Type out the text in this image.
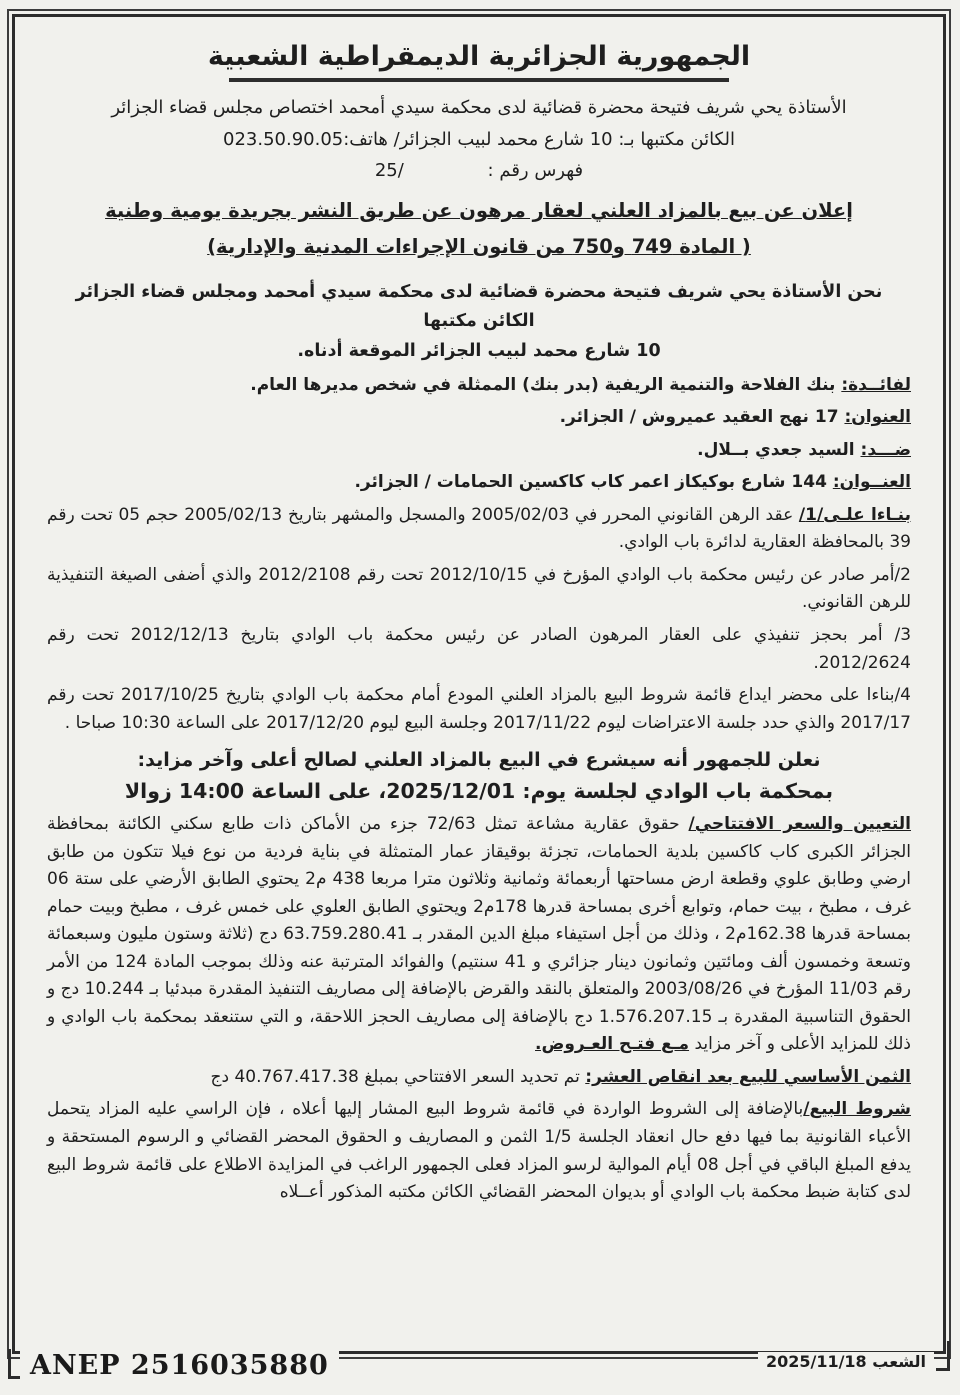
الجمهورية الجزائرية الديمقراطية الشعبية
الأستاذة يحي شريف فتيحة محضرة قضائية لدى محكمة سيدي أمحمد اختصاص مجلس قضاء الجزائر
الكائن مكتبها بـ: 10 شارع محمد لبيب الجزائر/ هاتف:023.50.90.05
فهرس رقم : 25/
إعلان عن بيع بالمزاد العلني لعقار مرهون عن طريق النشر بجريدة يومية وطنية
( المادة 749 و750 من قانون الإجراءات المدنية والإدارية)
نحن الأستاذة يحي شريف فتيحة محضرة قضائية لدى محكمة سيدي أمحمد ومجلس قضاء الجزائر الكائن مكتبها
10 شارع محمد لبيب الجزائر الموقعة أدناه.

لفائــدة: بنك الفلاحة والتنمية الريفية (بدر بنك) الممثلة في شخص مديرها العام.

العنوان: 17 نهج العقيد عميروش / الجزائر.

ضـــد: السيد جعدي بــلال.

العنــوان: 144 شارع بوكيكاز اعمر كاب كاكسين الحمامات / الجزائر.

بنـاءا علـى/1/ عقد الرهن القانوني المحرر في 2005/02/03 والمسجل والمشهر بتاريخ 2005/02/13 حجم 05 تحت رقم 39 بالمحافظة العقارية لدائرة باب الوادي.

2/أمر صادر عن رئيس محكمة باب الوادي المؤرخ في 2012/10/15 تحت رقم 2012/2108 والذي أضفى الصيغة التنفيذية للرهن القانوني.

3/ أمر بحجز تنفيذي على العقار المرهون الصادر عن رئيس محكمة باب الوادي بتاريخ 2012/12/13 تحت رقم 2012/2624.

4/بناءا على محضر ايداع قائمة شروط البيع بالمزاد العلني المودع أمام محكمة باب الوادي بتاريخ 2017/10/25 تحت رقم 2017/17 والذي حدد جلسة الاعتراضات ليوم 2017/11/22 وجلسة البيع ليوم 2017/12/20 على الساعة 10:30 صباحا .

نعلن للجمهور أنه سيشرع في البيع بالمزاد العلني لصالح أعلى وآخر مزايد:
بمحكمة باب الوادي لجلسة يوم: 2025/12/01، على الساعة 14:00 زوالا

التعيين والسعر الافتتاحي/ حقوق عقارية مشاعة تمثل 72/63 جزء من الأماكن ذات طابع سكني الكائنة بمحافظة الجزائر الكبرى كاب كاكسين بلدية الحمامات، تجزئة بوقيقاز عمار المتمثلة في بناية فردية من نوع فيلا تتكون من طابق ارضي وطابق علوي وقطعة ارض مساحتها أربعمائة وثمانية وثلاثون مترا مربعا 438 م2 يحتوي الطابق الأرضي على ستة 06 غرف ، مطبخ ، بيت حمام، وتوابع أخرى بمساحة قدرها 178م2 ويحتوي الطابق العلوي على خمس غرف ، مطبخ وبيت حمام بمساحة قدرها 162.38م2 ، وذلك من أجل استيفاء مبلغ الدين المقدر بـ 63.759.280.41 دج (ثلاثة وستون مليون وسبعمائة وتسعة وخمسون ألف ومائتين وثمانون دينار جزائري و 41 سنتيم) والفوائد المترتبة عنه وذلك بموجب المادة 124 من الأمر رقم 11/03 المؤرخ في 2003/08/26 والمتعلق بالنقد والقرض بالإضافة إلى مصاريف التنفيذ المقدرة مبدئيا بـ 10.244 دج و الحقوق التناسبية المقدرة بـ 1.576.207.15 دج بالإضافة إلى مصاريف الحجز اللاحقة، و التي ستنعقد بمحكمة باب الوادي و ذلك للمزايد الأعلى و آخر مزايد مـع فتـح العـروض.

الثمن الأساسي للبيع بعد انقاص العشر: تم تحديد السعر الافتتاحي بمبلغ 40.767.417.38 دج

شروط البيع/بالإضافة إلى الشروط الواردة في قائمة شروط البيع المشار إليها أعلاه ، فإن الراسي عليه المزاد يتحمل الأعباء القانونية بما فيها دفع حال انعقاد الجلسة 1/5 الثمن و المصاريف و الحقوق المحضر القضائي و الرسوم المستحقة و يدفع المبلغ الباقي في أجل 08 أيام الموالية لرسو المزاد فعلى الجمهور الراغب في المزايدة الاطلاع على قائمة شروط البيع لدى كتابة ضبط محكمة باب الوادي أو بديوان المحضر القضائي الكائن مكتبه المذكور أعــلاه

ANEP 2516035880	الشعب 2025/11/18
